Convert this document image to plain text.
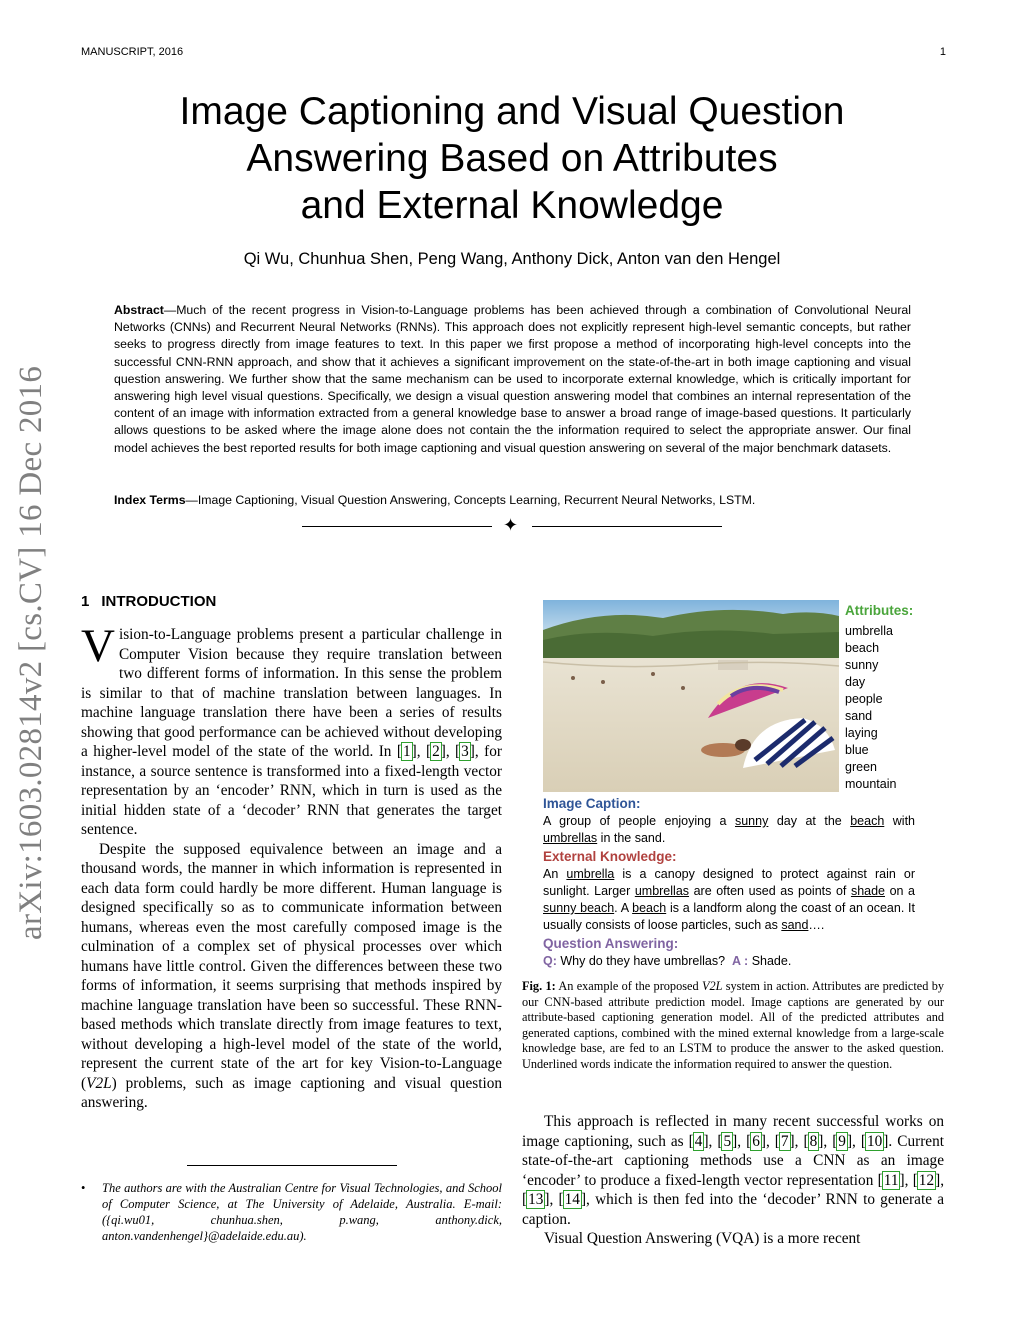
MANUSCRIPT, 2016	1
arXiv:1603.02814v2 [cs.CV] 16 Dec 2016
Image Captioning and Visual Question
Answering Based on Attributes
and External Knowledge
Qi Wu, Chunhua Shen, Peng Wang, Anthony Dick, Anton van den Hengel
Abstract—Much of the recent progress in Vision-to-Language problems has been achieved through a combination of Convolutional Neural Networks (CNNs) and Recurrent Neural Networks (RNNs). This approach does not explicitly represent high-level semantic concepts, but rather seeks to progress directly from image features to text. In this paper we first propose a method of incorporating high-level concepts into the successful CNN-RNN approach, and show that it achieves a significant improvement on the state-of-the-art in both image captioning and visual question answering. We further show that the same mechanism can be used to incorporate external knowledge, which is critically important for answering high level visual questions. Specifically, we design a visual question answering model that combines an internal representation of the content of an image with information extracted from a general knowledge base to answer a broad range of image-based questions. It particularly allows questions to be asked where the image alone does not contain the the information required to select the appropriate answer. Our final model achieves the best reported results for both image captioning and visual question answering on several of the major benchmark datasets.
Index Terms—Image Captioning, Visual Question Answering, Concepts Learning, Recurrent Neural Networks, LSTM.
✦
1 INTRODUCTION

Vision-to-Language problems present a particular challenge in Computer Vision because they require translation between two different forms of information. In this sense the problem is similar to that of machine translation between languages. In machine language translation there have been a series of results showing that good performance can be achieved without developing a higher-level model of the state of the world. In [1], [2], [3], for instance, a source sentence is transformed into a fixed-length vector representation by an ‘encoder’ RNN, which in turn is used as the initial hidden state of a ‘decoder’ RNN that generates the target sentence.

Despite the supposed equivalence between an image and a thousand words, the manner in which information is represented in each data form could hardly be more different. Human language is designed specifically so as to communicate information between humans, whereas even the most carefully composed image is the culmination of a complex set of physical processes over which humans have little control. Given the differences between these two forms of information, it seems surprising that methods inspired by machine language translation have been so successful. These RNN-based methods which translate directly from image features to text, without developing a high-level model of the state of the world, represent the current state of the art for key Vision-to-Language (V2L) problems, such as image captioning and visual question answering.

•	The authors are with the Australian Centre for Visual Technologies, and School of Computer Science, at The University of Adelaide, Australia. E-mail: ({qi.wu01, chunhua.shen, p.wang, anthony.dick, anton.vandenhengel}@adelaide.edu.au).
Attributes:
umbrella
beach
sunny
day
people
sand
laying
blue
green
mountain
Image Caption:

A group of people enjoying a sunny day at the beach with umbrellas in the sand.

External Knowledge:

An umbrella is a canopy designed to protect against rain or sunlight. Larger umbrellas are often used as points of shade on a sunny beach. A beach is a landform along the coast of an ocean. It usually consists of loose particles, such as sand….

Question Answering:

Q: Why do they have umbrellas? A : Shade.

Fig. 1: An example of the proposed V2L system in action. Attributes are predicted by our CNN-based attribute prediction model. Image captions are generated by our attribute-based captioning generation model. All of the predicted attributes and generated captions, combined with the mined external knowledge from a large-scale knowledge base, are fed to an LSTM to produce the answer to the asked question. Underlined words indicate the information required to answer the question.

This approach is reflected in many recent successful works on image captioning, such as [4], [5], [6], [7], [8], [9], [10]. Current state-of-the-art captioning methods use a CNN as an image ‘encoder’ to produce a fixed-length vector representation [11], [12], [13], [14], which is then fed into the ‘decoder’ RNN to generate a caption.

Visual Question Answering (VQA) is a more recent
